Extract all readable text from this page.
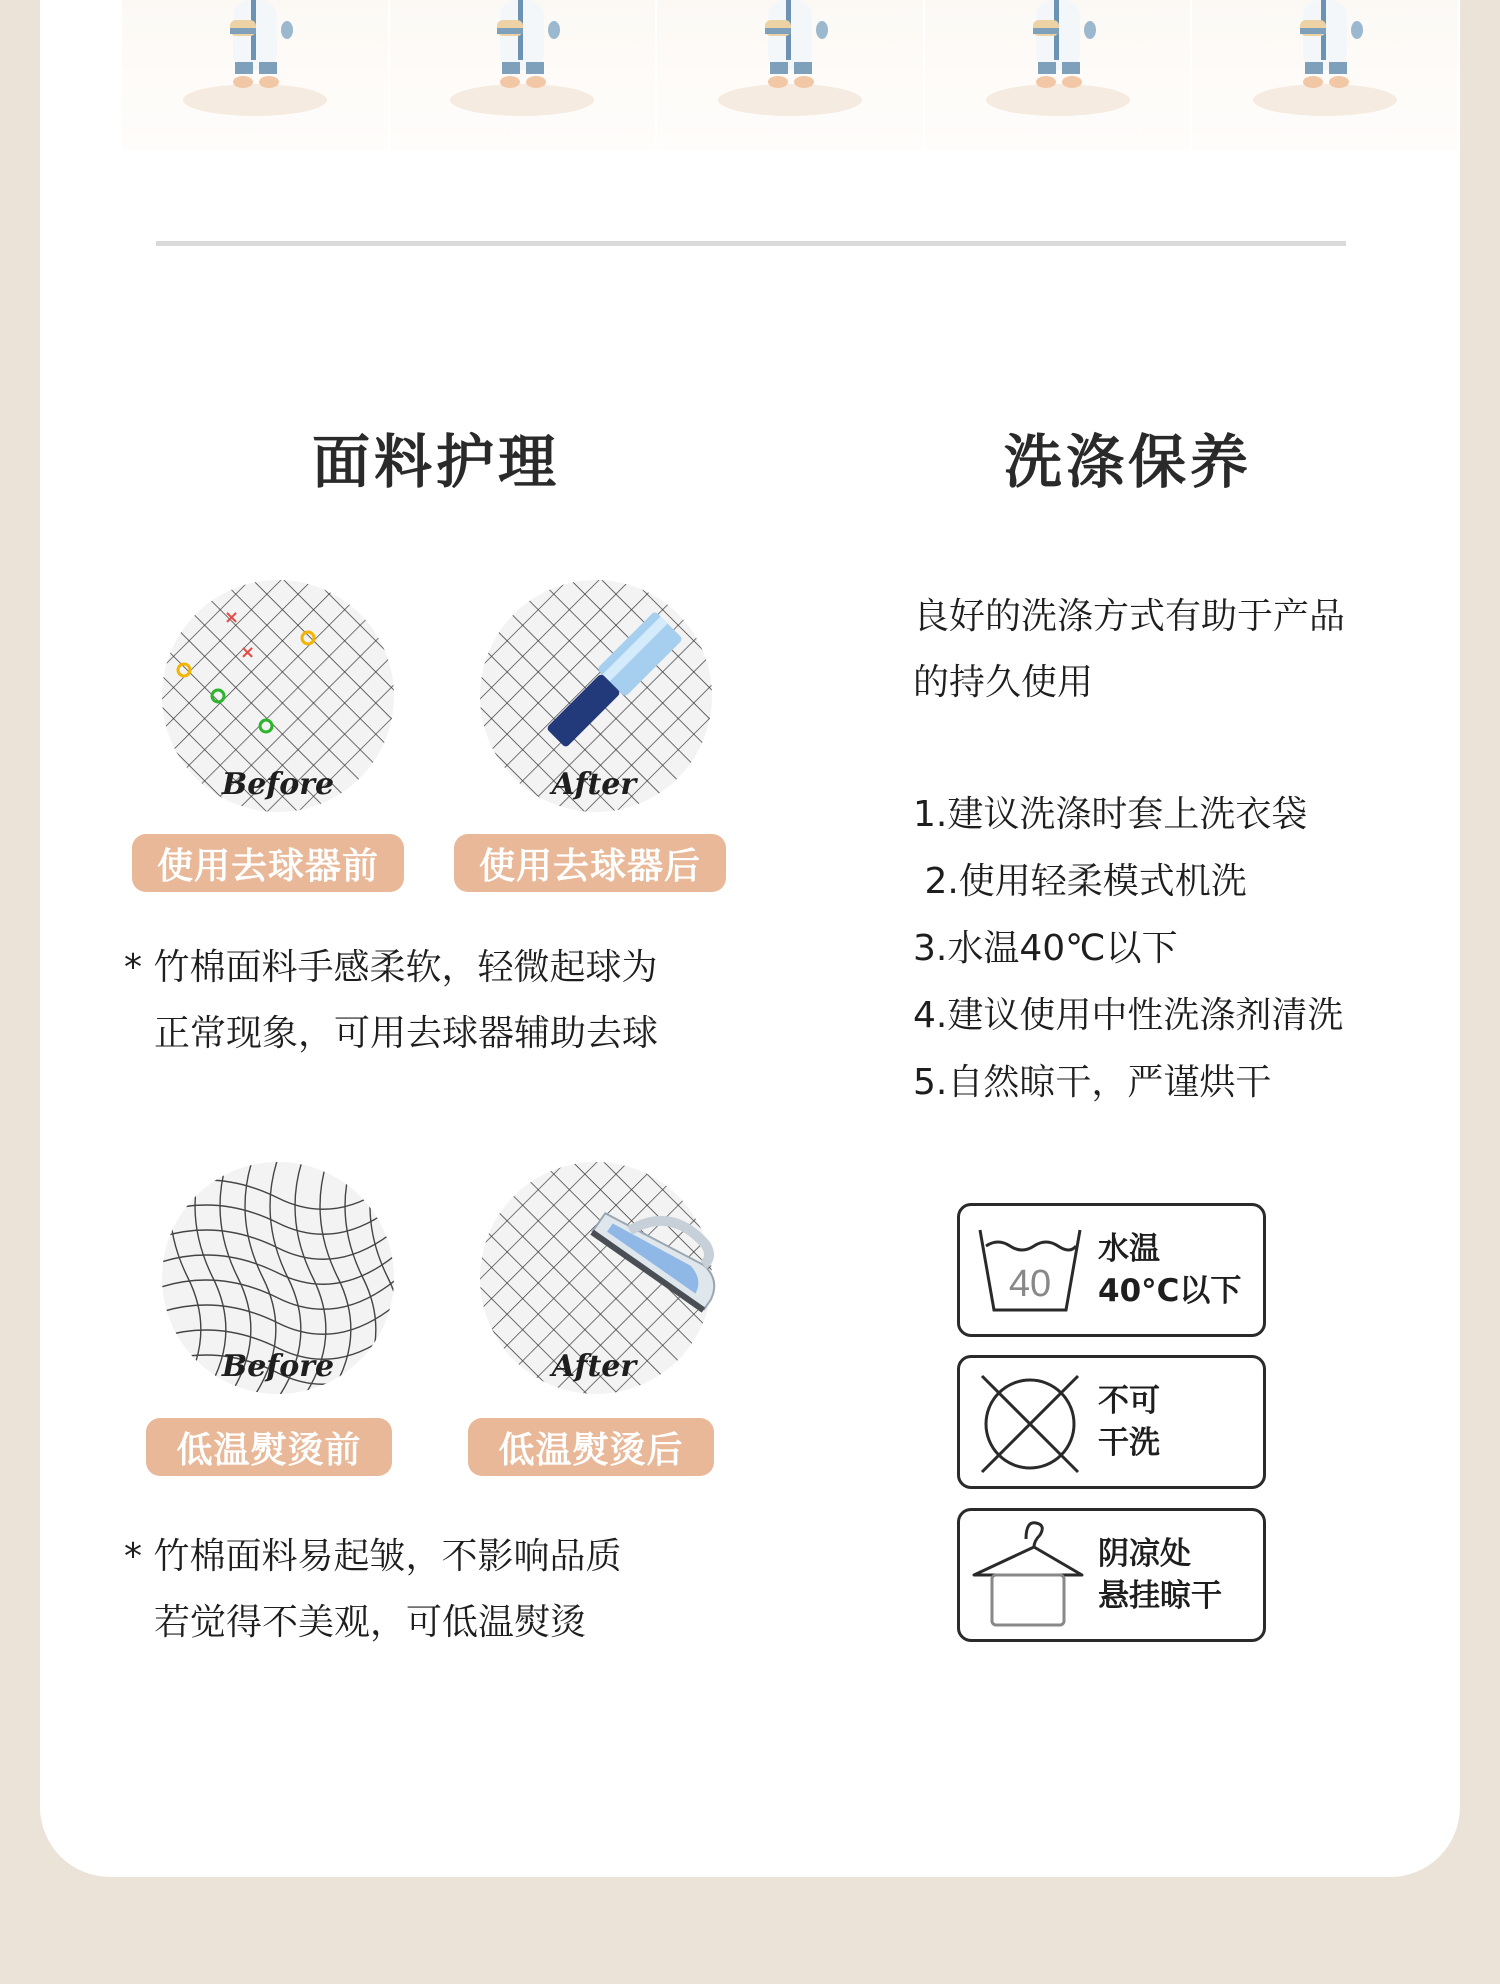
面料护理	洗涤保养
×
×
Before	After
使用去球器前	使用去球器后
* 竹棉面料手感柔软，轻微起球为
正常现象，可用去球器辅助去球
Before	After
低温熨烫前	低温熨烫后
* 竹棉面料易起皱，不影响品质
若觉得不美观，可低温熨烫
良好的洗涤方式有助于产品
的持久使用
1.建议洗涤时套上洗衣袋
2.使用轻柔模式机洗
3.水温40℃以下
4.建议使用中性洗涤剂清洗
5.自然晾干，严谨烘干
40
水温
40°C以下
不可
干洗
阴凉处
悬挂晾干
